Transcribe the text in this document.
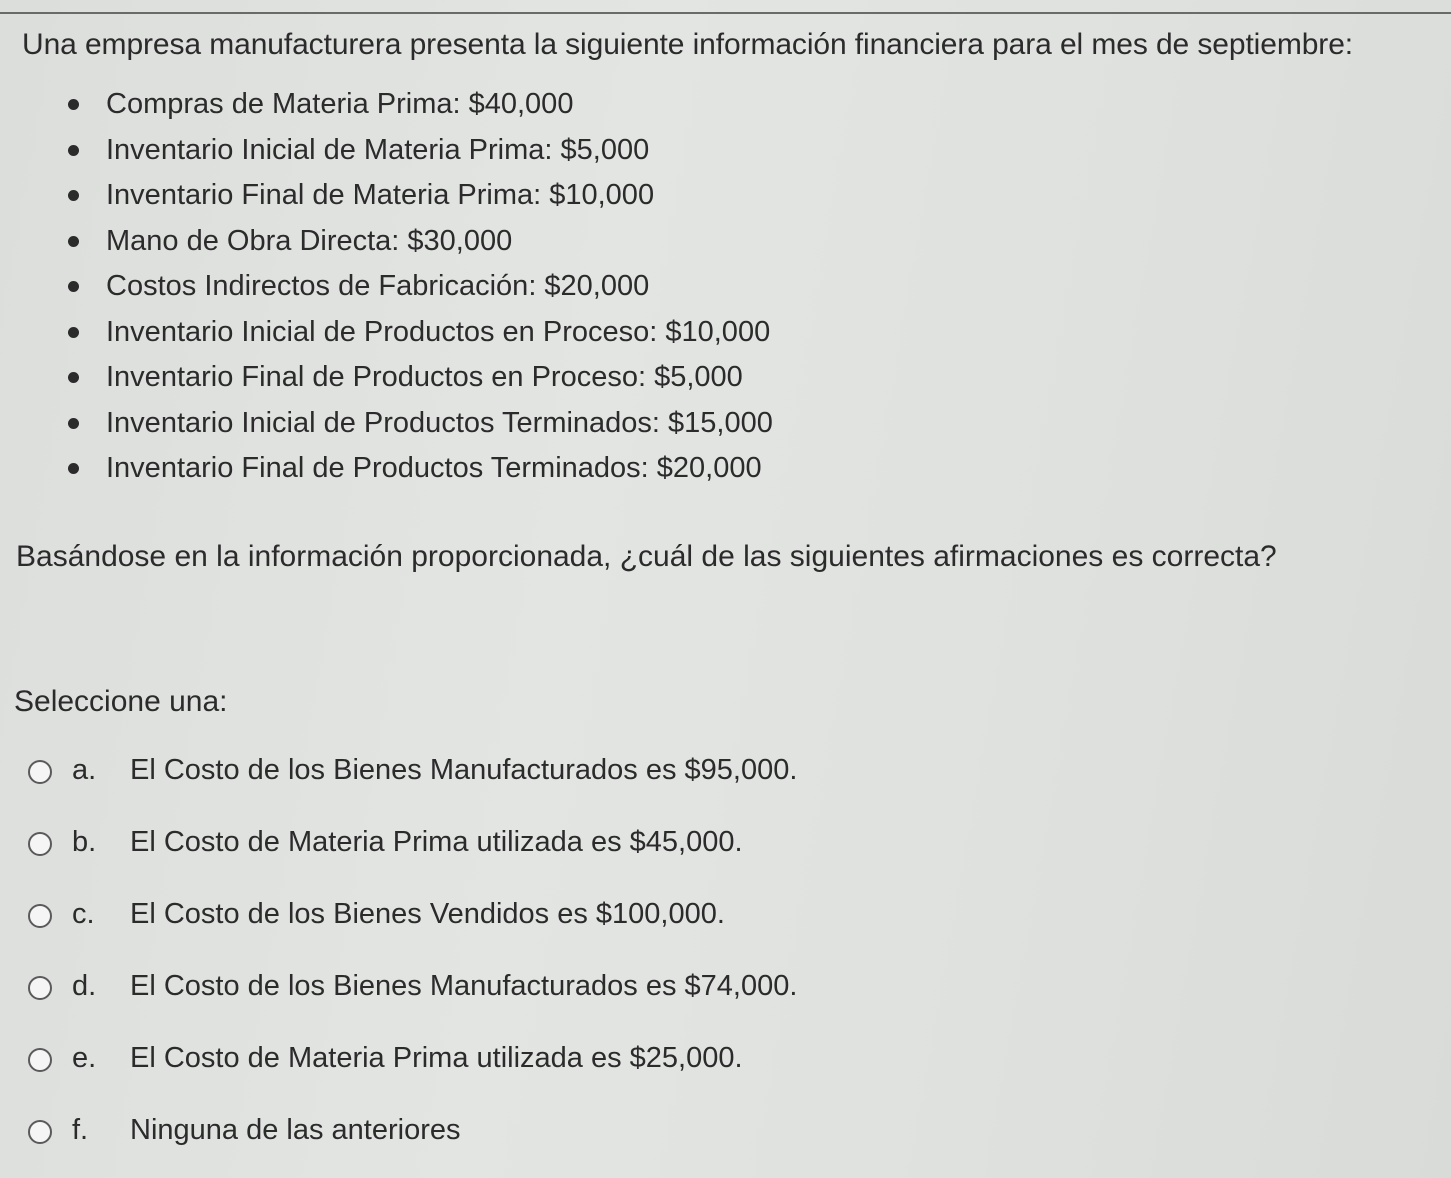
Una empresa manufacturera presenta la siguiente información financiera para el mes de septiembre:
Compras de Materia Prima: $40,000
Inventario Inicial de Materia Prima: $5,000
Inventario Final de Materia Prima: $10,000
Mano de Obra Directa: $30,000
Costos Indirectos de Fabricación: $20,000
Inventario Inicial de Productos en Proceso: $10,000
Inventario Final de Productos en Proceso: $5,000
Inventario Inicial de Productos Terminados: $15,000
Inventario Final de Productos Terminados: $20,000
Basándose en la información proporcionada, ¿cuál de las siguientes afirmaciones es correcta?
Seleccione una:
a. El Costo de los Bienes Manufacturados es $95,000.
b. El Costo de Materia Prima utilizada es $45,000.
c. El Costo de los Bienes Vendidos es $100,000.
d. El Costo de los Bienes Manufacturados es $74,000.
e. El Costo de Materia Prima utilizada es $25,000.
f. Ninguna de las anteriores
